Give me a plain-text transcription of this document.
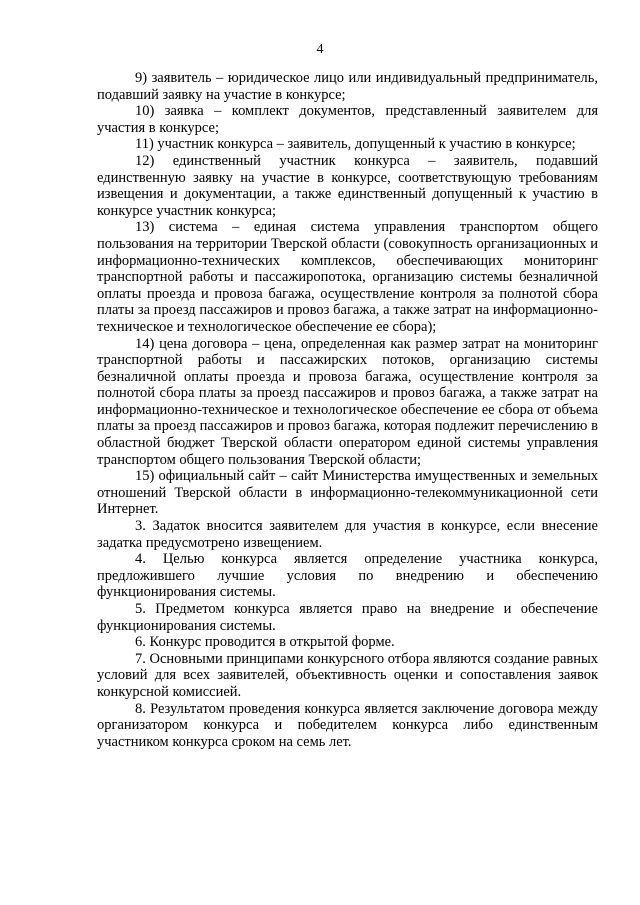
4

9) заявитель – юридическое лицо или индивидуальный предприниматель, подавший заявку на участие в конкурсе;

10) заявка – комплект документов, представленный заявителем для участия в конкурсе;

11) участник конкурса – заявитель, допущенный к участию в конкурсе;

12) единственный участник конкурса – заявитель, подавший единственную заявку на участие в конкурсе, соответствующую требованиям извещения и документации, а также единственный допущенный к участию в конкурсе участник конкурса;

13) система – единая система управления транспортом общего пользования на территории Тверской области (совокупность организационных и информационно-технических комплексов, обеспечивающих мониторинг транспортной работы и пассажиропотока, организацию системы безналичной оплаты проезда и провоза багажа, осуществление контроля за полнотой сбора платы за проезд пассажиров и провоз багажа, а также затрат на информационно-техническое и технологическое обеспечение ее сбора);

14) цена договора – цена, определенная как размер затрат на мониторинг транспортной работы и пассажирских потоков, организацию системы безналичной оплаты проезда и провоза багажа, осуществление контроля за полнотой сбора платы за проезд пассажиров и провоз багажа, а также затрат на информационно-техническое и технологическое обеспечение ее сбора от объема платы за проезд пассажиров и провоз багажа, которая подлежит перечислению в областной бюджет Тверской области оператором единой системы управления транспортом общего пользования Тверской области;

15) официальный сайт – сайт Министерства имущественных и земельных отношений Тверской области в информационно-телекоммуникационной сети Интернет.

3. Задаток вносится заявителем для участия в конкурсе, если внесение задатка предусмотрено извещением.

4. Целью конкурса является определение участника конкурса, предложившего лучшие условия по внедрению и обеспечению функционирования системы.

5. Предметом конкурса является право на внедрение и обеспечение функционирования системы.

6. Конкурс проводится в открытой форме.

7. Основными принципами конкурсного отбора являются создание равных условий для всех заявителей, объективность оценки и сопоставления заявок конкурсной комиссией.

8. Результатом проведения конкурса является заключение договора между организатором конкурса и победителем конкурса либо единственным участником конкурса сроком на семь лет.
